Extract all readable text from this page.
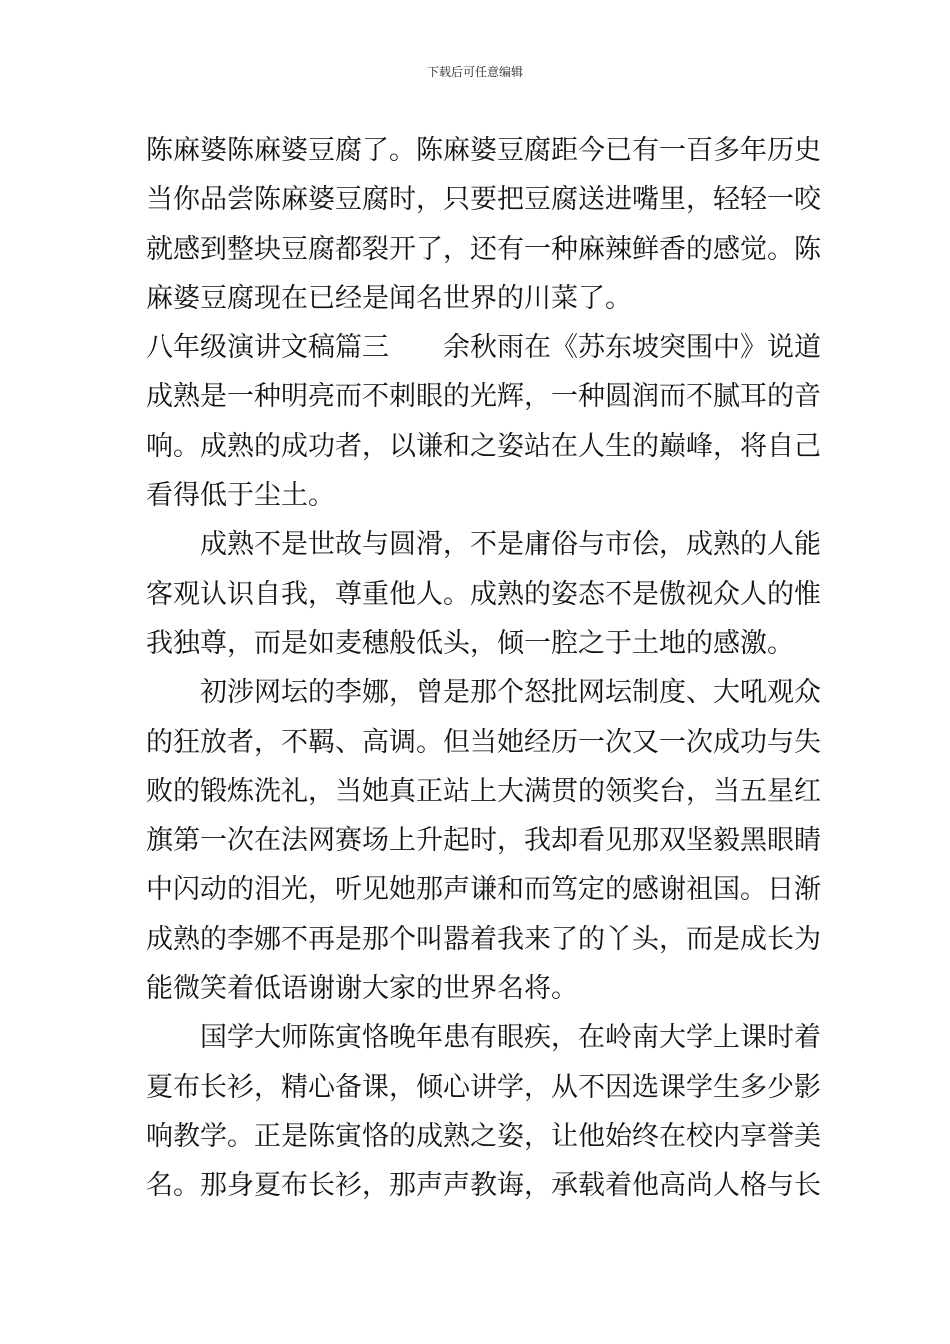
下载后可任意编辑
陈麻婆陈麻婆豆腐了。陈麻婆豆腐距今已有一百多年历史
当你品尝陈麻婆豆腐时，只要把豆腐送进嘴里，轻轻一咬
就感到整块豆腐都裂开了，还有一种麻辣鲜香的感觉。陈
麻婆豆腐现在已经是闻名世界的川菜了。
八年级演讲文稿篇三 余秋雨在《苏东坡突围中》说道
成熟是一种明亮而不刺眼的光辉，一种圆润而不腻耳的音
响。成熟的成功者，以谦和之姿站在人生的巅峰，将自己
看得低于尘土。
成熟不是世故与圆滑，不是庸俗与市侩，成熟的人能
客观认识自我，尊重他人。成熟的姿态不是傲视众人的惟
我独尊，而是如麦穗般低头，倾一腔之于土地的感激。
初涉网坛的李娜，曾是那个怒批网坛制度、大吼观众
的狂放者，不羁、高调。但当她经历一次又一次成功与失
败的锻炼洗礼，当她真正站上大满贯的领奖台，当五星红
旗第一次在法网赛场上升起时，我却看见那双坚毅黑眼睛
中闪动的泪光，听见她那声谦和而笃定的感谢祖国。日渐
成熟的李娜不再是那个叫嚣着我来了的丫头，而是成长为
能微笑着低语谢谢大家的世界名将。
国学大师陈寅恪晚年患有眼疾，在岭南大学上课时着
夏布长衫，精心备课，倾心讲学，从不因选课学生多少影
响教学。正是陈寅恪的成熟之姿，让他始终在校内享誉美
名。那身夏布长衫，那声声教诲，承载着他高尚人格与长
